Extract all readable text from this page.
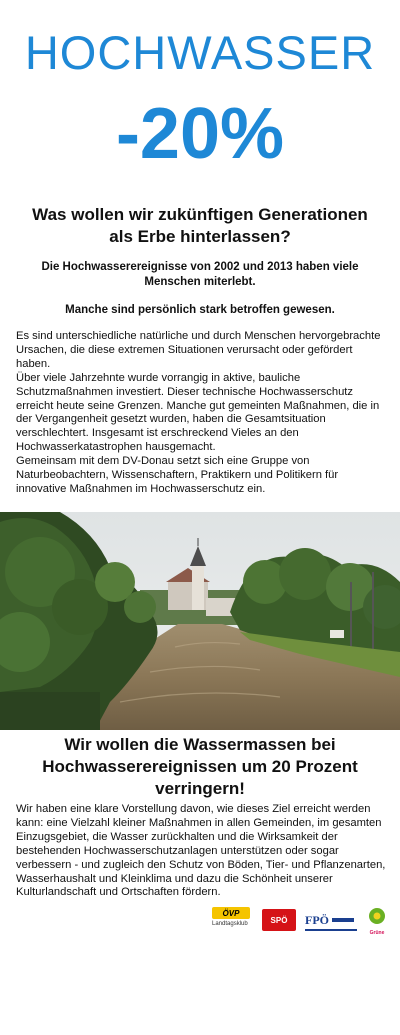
HOCHWASSER
-20%
Was wollen wir zukünftigen Generationen als Erbe hinterlassen?
Die Hochwasserereignisse von 2002 und 2013 haben viele Menschen miterlebt.
Manche sind persönlich stark betroffen gewesen.

Es sind unterschiedliche natürliche und durch Menschen hervorgebrachte Ursachen, die diese extremen Situationen verursacht oder gefördert haben.

Über viele Jahrzehnte wurde vorrangig in aktive, bauliche Schutzmaßnahmen investiert. Dieser technische Hochwasserschutz erreicht heute seine Grenzen. Manche gut gemeinten Maßnahmen, die in der Vergangenheit gesetzt wurden, haben die Gesamtsituation verschlechtert. Insgesamt ist erschreckend Vieles an den Hochwasserkatastrophen hausgemacht.

Gemeinsam mit dem DV-Donau setzt sich eine Gruppe von Naturbeobachtern, Wissenschaftern, Praktikern und Politikern für innovative Maßnahmen im Hochwasserschutz ein.

Wir wollen die Wassermassen bei Hochwasserereignissen um 20 Prozent verringern!
Wir haben eine klare Vorstellung davon, wie dieses Ziel erreicht werden kann: eine Vielzahl kleiner Maßnahmen in allen Gemeinden, im gesamten Einzugsgebiet, die Wasser zurückhalten und die Wirksamkeit der bestehenden Hochwasserschutzanlagen unterstützen oder sogar verbessern - und zugleich den Schutz von Böden, Tier- und Pflanzenarten, Wasserhaushalt und Kleinklima und dazu die Schönheit unserer Kulturlandschaft und Ortschaften fördern.
ÖVP
Landtagsklub	SPÖ FPÖ
Grüne
